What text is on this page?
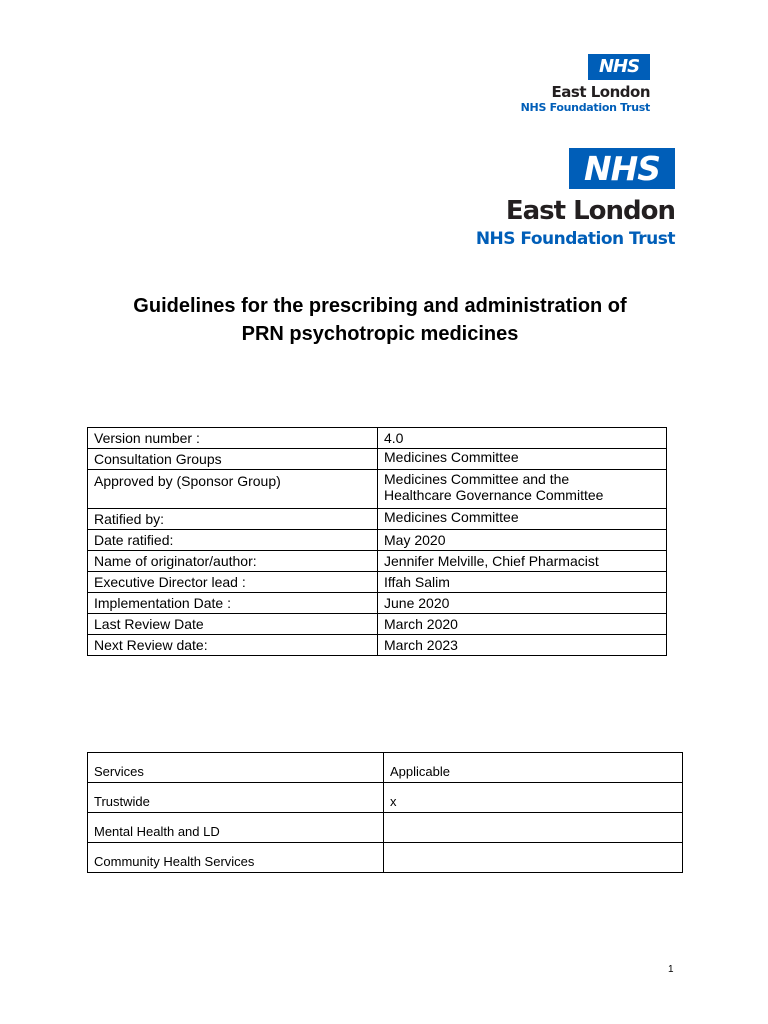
NHS
East London
NHS Foundation Trust
NHS
East London
NHS Foundation Trust
Guidelines for the prescribing and administration of
PRN psychotropic medicines
Version number :	4.0
Consultation Groups	Medicines Committee
Approved by (Sponsor Group)	Medicines Committee and the
Healthcare Governance Committee
Ratified by:	Medicines Committee
Date ratified:	May 2020
Name of originator/author:	Jennifer Melville, Chief Pharmacist
Executive Director lead :	Iffah Salim
Implementation Date :	June 2020
Last Review Date	March 2020
Next Review date:	March 2023
Services	Applicable
Trustwide	x
Mental Health and LD	
Community Health Services	
1
